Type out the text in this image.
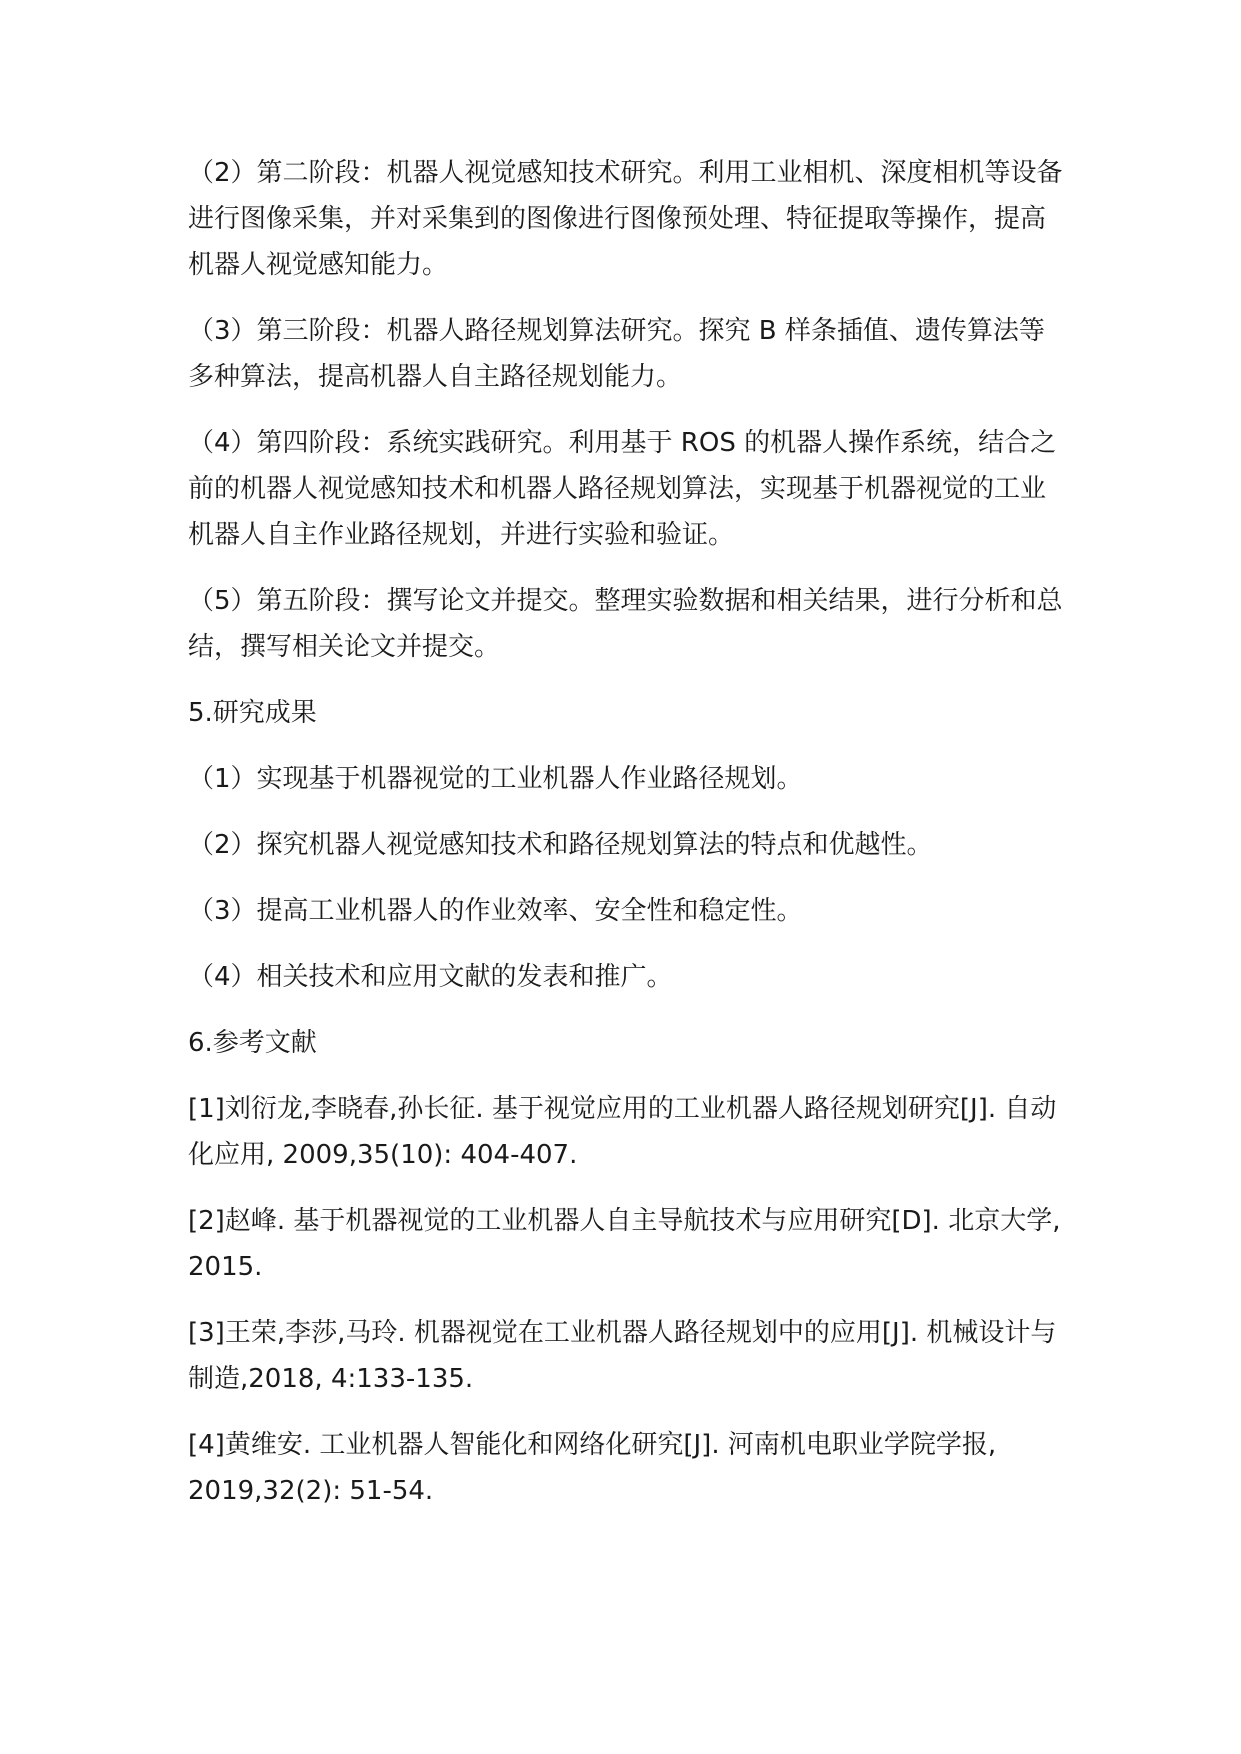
（2）第二阶段：机器人视觉感知技术研究。利用工业相机、深度相机等设备进行图像采集，并对采集到的图像进行图像预处理、特征提取等操作，提高机器人视觉感知能力。

（3）第三阶段：机器人路径规划算法研究。探究 B 样条插值、遗传算法等多种算法，提高机器人自主路径规划能力。

（4）第四阶段：系统实践研究。利用基于 ROS 的机器人操作系统，结合之前的机器人视觉感知技术和机器人路径规划算法，实现基于机器视觉的工业机器人自主作业路径规划，并进行实验和验证。

（5）第五阶段：撰写论文并提交。整理实验数据和相关结果，进行分析和总结，撰写相关论文并提交。

5.研究成果

（1）实现基于机器视觉的工业机器人作业路径规划。

（2）探究机器人视觉感知技术和路径规划算法的特点和优越性。

（3）提高工业机器人的作业效率、安全性和稳定性。

（4）相关技术和应用文献的发表和推广。

6.参考文献

[1]刘衍龙,李晓春,孙长征. 基于视觉应用的工业机器人路径规划研究[J]. 自动化应用, 2009,35(10): 404-407.

[2]赵峰. 基于机器视觉的工业机器人自主导航技术与应用研究[D]. 北京大学, 2015.

[3]王荣,李莎,马玲. 机器视觉在工业机器人路径规划中的应用[J]. 机械设计与制造,2018, 4:133-135.

[4]黄维安. 工业机器人智能化和网络化研究[J]. 河南机电职业学院学报, 2019,32(2): 51-54.
